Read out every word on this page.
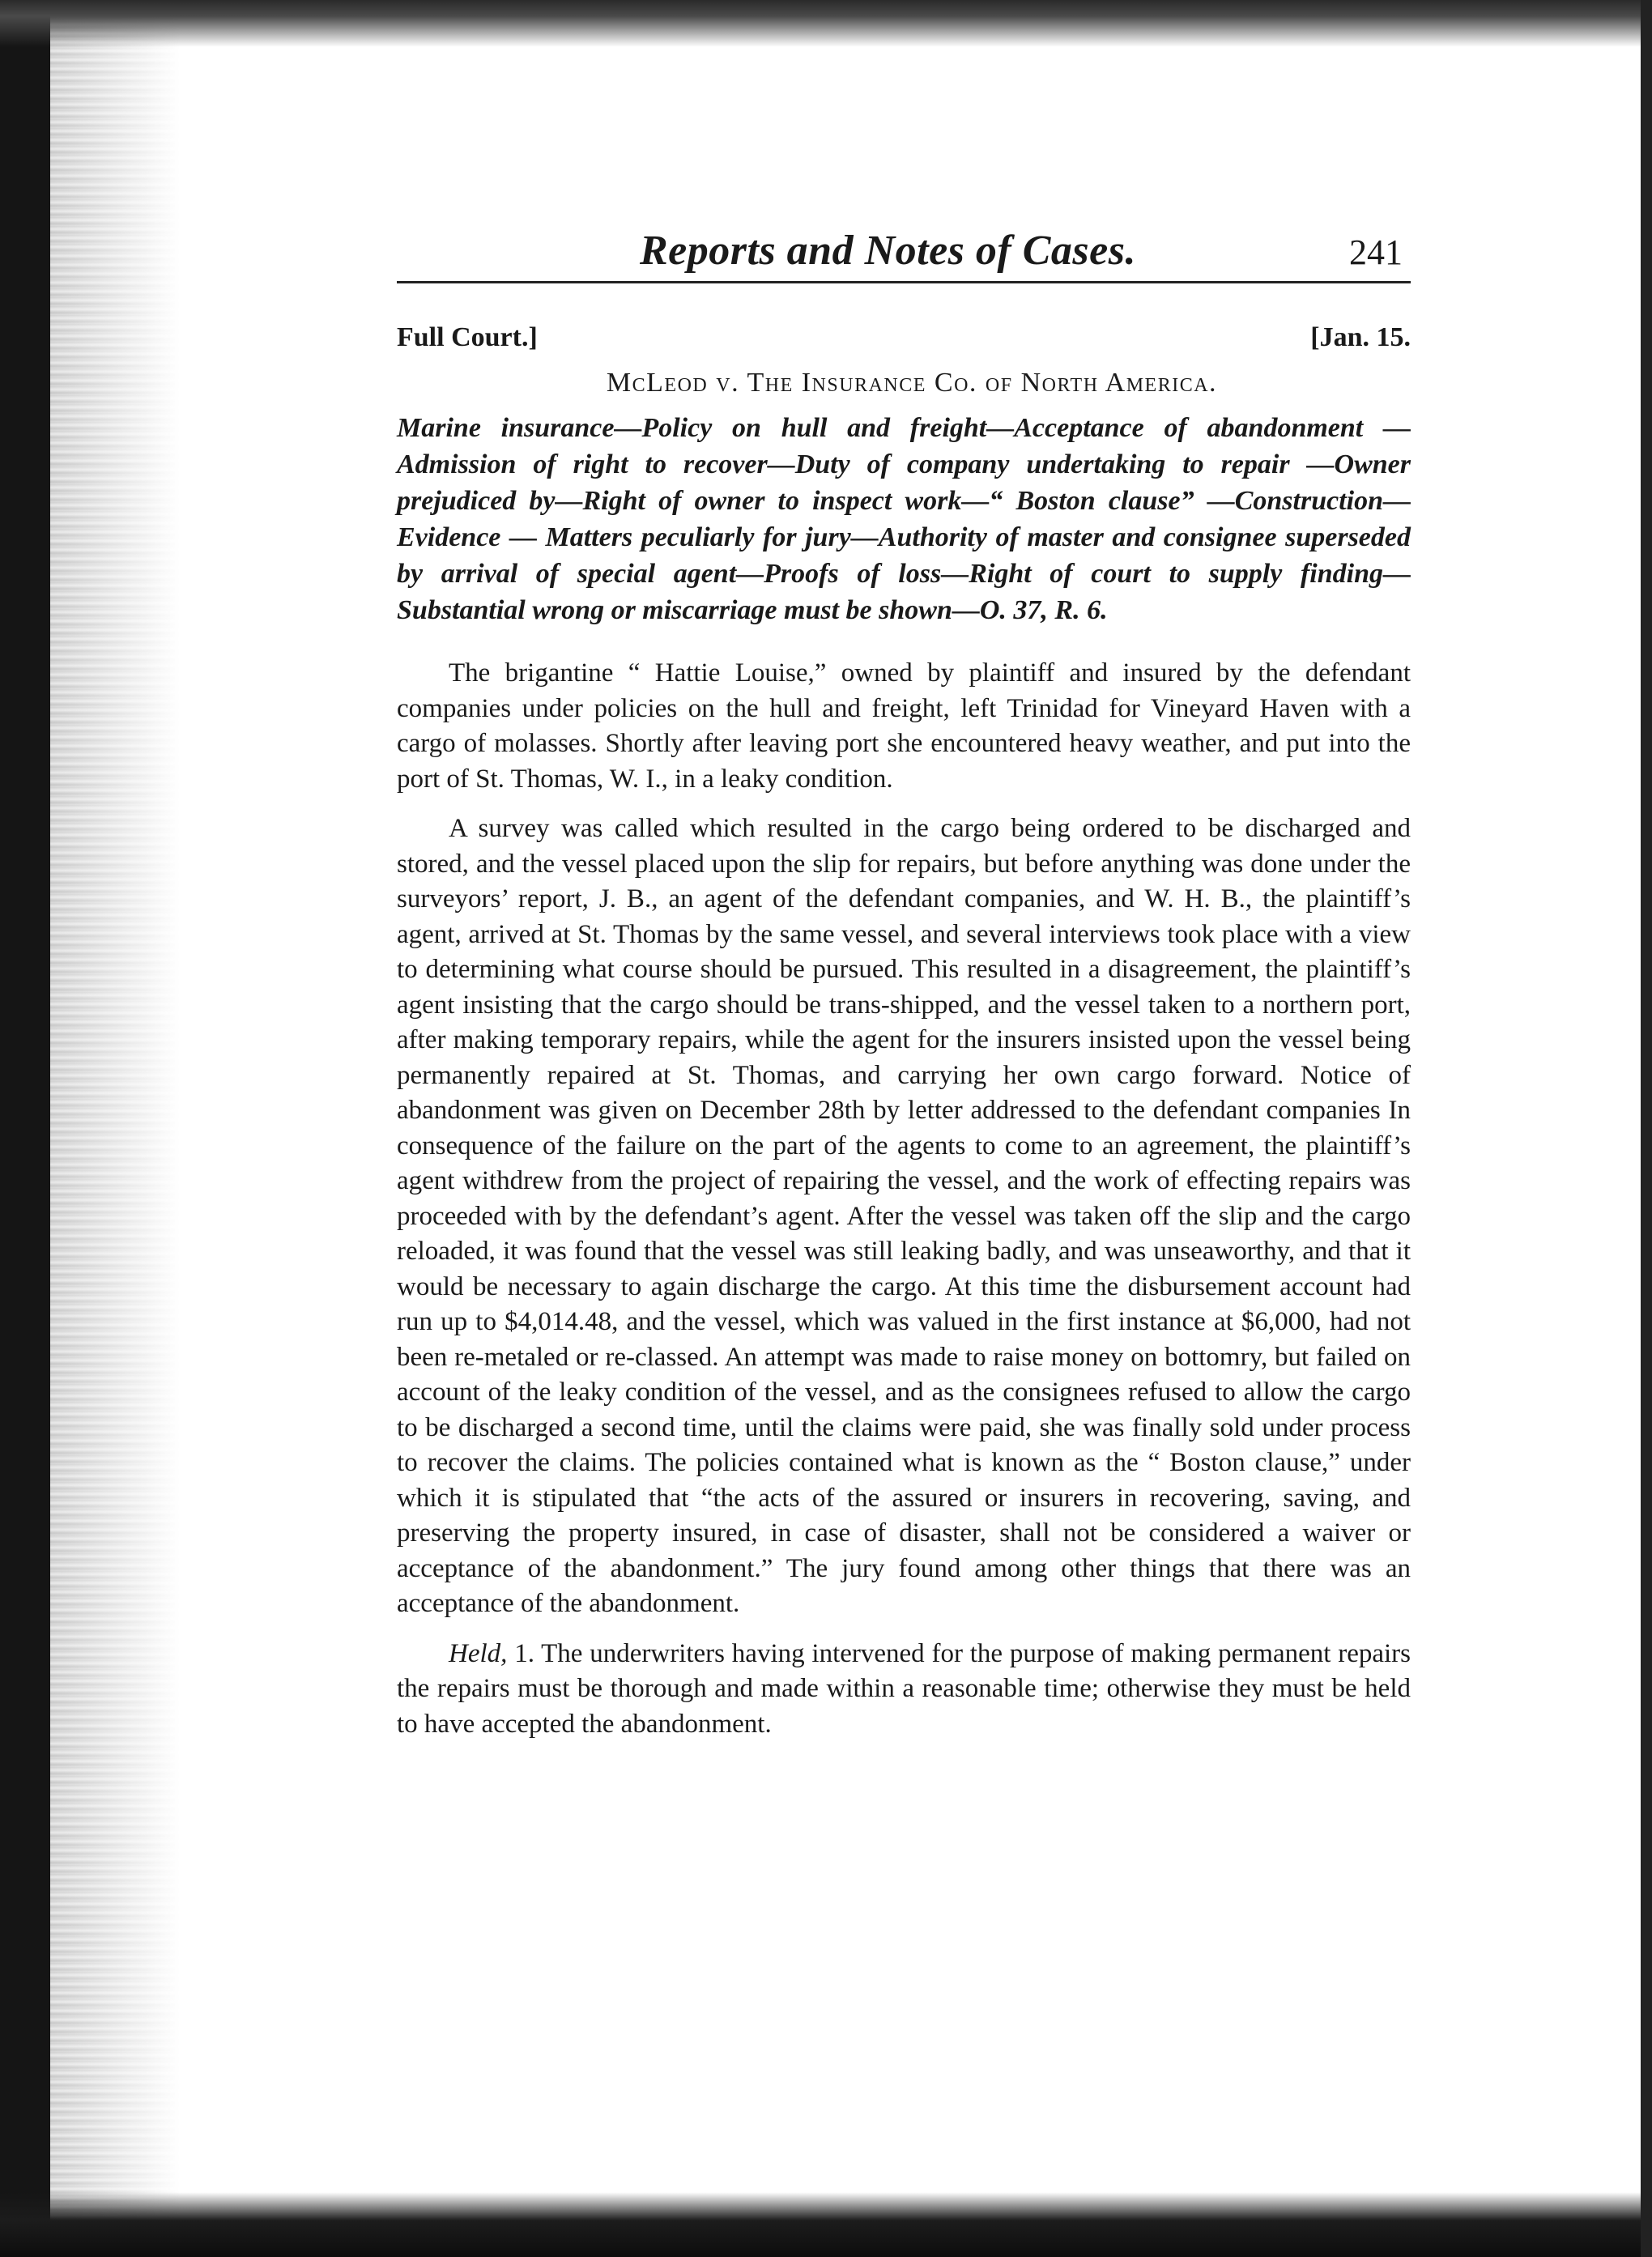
Reports and Notes of Cases.	241
Full Court.]	[Jan. 15.
McLeod v. The Insurance Co. of North America.

Marine insurance—Policy on hull and freight—Acceptance of abandonment —Admission of right to recover—Duty of company undertaking to repair —Owner prejudiced by—Right of owner to inspect work—“ Boston clause” —Construction—Evidence — Matters peculiarly for jury—Authority of master and consignee superseded by arrival of special agent—Proofs of loss—Right of court to supply finding—Substantial wrong or miscarriage must be shown—O. 37, R. 6.

The brigantine “ Hattie Louise,” owned by plaintiff and insured by the defendant companies under policies on the hull and freight, left Trinidad for Vineyard Haven with a cargo of molasses. Shortly after leaving port she encountered heavy weather, and put into the port of St. Thomas, W. I., in a leaky condition.

A survey was called which resulted in the cargo being ordered to be discharged and stored, and the vessel placed upon the slip for repairs, but before anything was done under the surveyors’ report, J. B., an agent of the defendant companies, and W. H. B., the plaintiff’s agent, arrived at St. Thomas by the same vessel, and several interviews took place with a view to determining what course should be pursued. This resulted in a disagreement, the plaintiff’s agent insisting that the cargo should be trans-shipped, and the vessel taken to a northern port, after making temporary repairs, while the agent for the insurers insisted upon the vessel being permanently repaired at St. Thomas, and carrying her own cargo forward. Notice of abandonment was given on December 28th by letter addressed to the defendant companies In consequence of the failure on the part of the agents to come to an agreement, the plaintiff’s agent withdrew from the project of repairing the vessel, and the work of effecting repairs was proceeded with by the defendant’s agent. After the vessel was taken off the slip and the cargo reloaded, it was found that the vessel was still leaking badly, and was unseaworthy, and that it would be necessary to again discharge the cargo. At this time the disbursement account had run up to $4,014.48, and the vessel, which was valued in the first instance at $6,000, had not been re-metaled or re-classed. An attempt was made to raise money on bottomry, but failed on account of the leaky condition of the vessel, and as the consignees refused to allow the cargo to be discharged a second time, until the claims were paid, she was finally sold under process to recover the claims. The policies contained what is known as the “ Boston clause,” under which it is stipulated that “the acts of the assured or insurers in recovering, saving, and preserving the property insured, in case of disaster, shall not be considered a waiver or acceptance of the abandonment.” The jury found among other things that there was an acceptance of the abandonment.

Held, 1. The underwriters having intervened for the purpose of making permanent repairs the repairs must be thorough and made within a reasonable time; otherwise they must be held to have accepted the abandonment.
